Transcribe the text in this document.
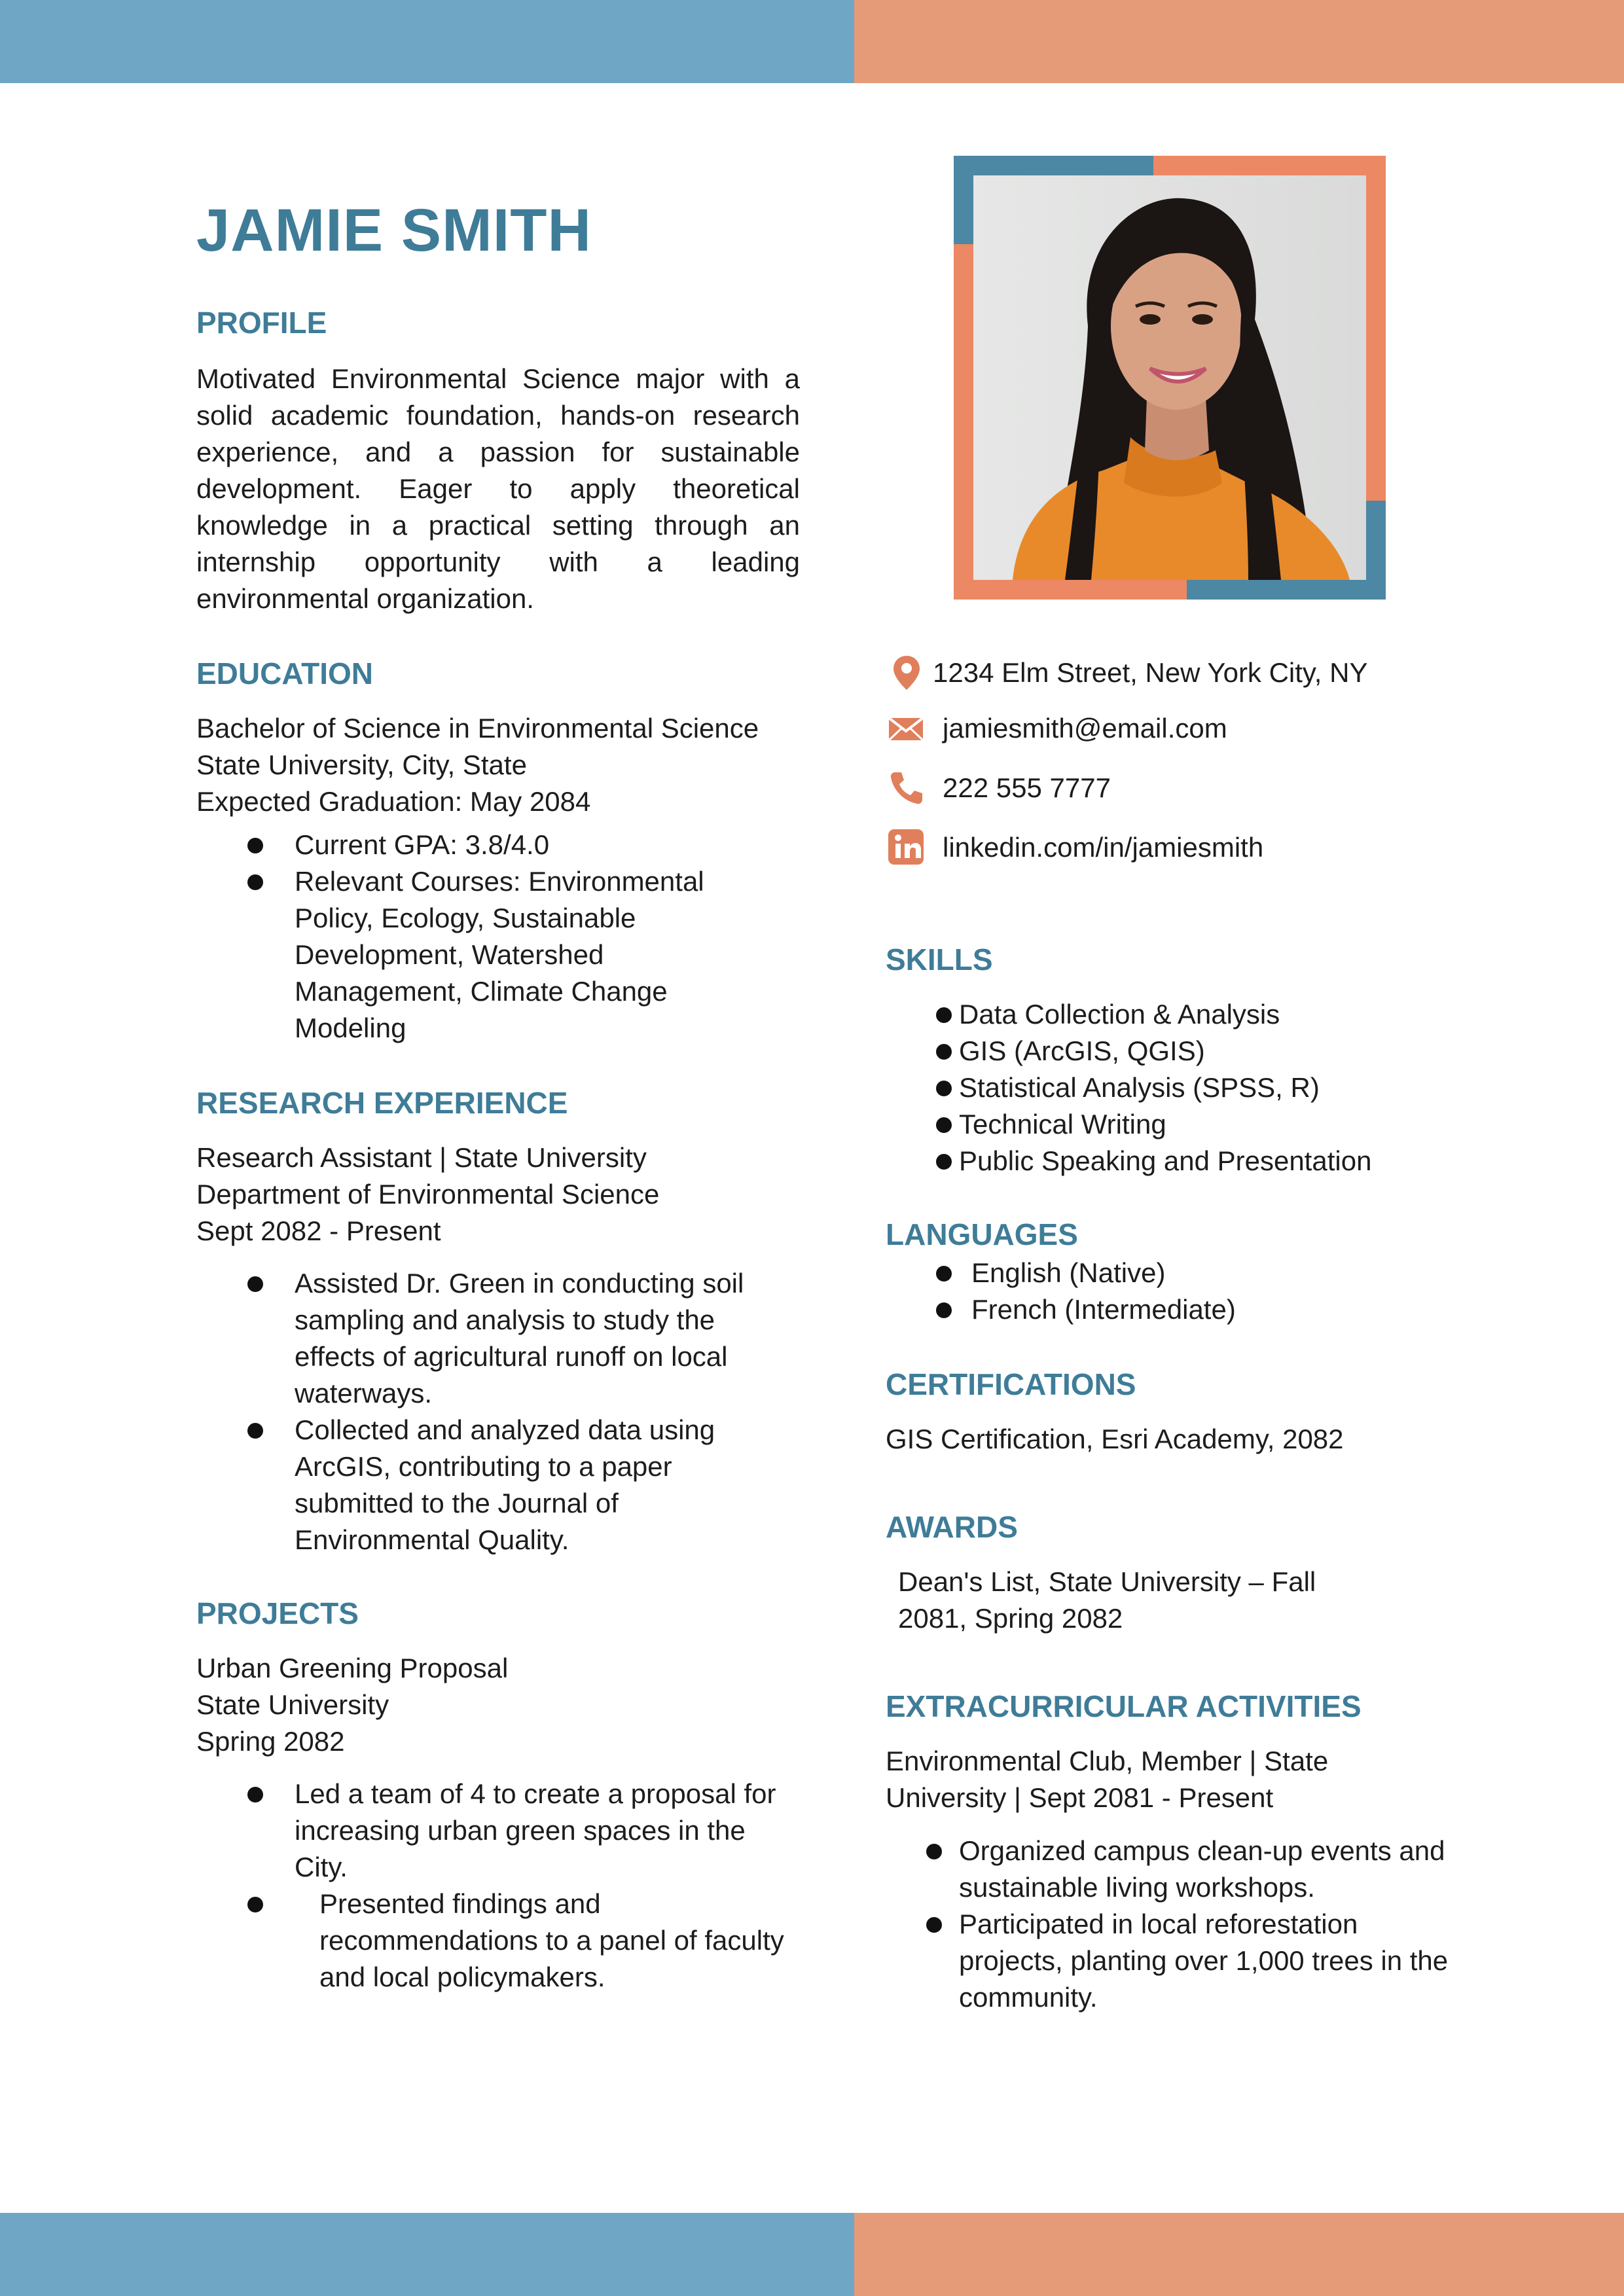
JAMIE SMITH
PROFILE
Motivated Environmental Science major with a solid academic foundation, hands-on research experience, and a passion for sustainable development. Eager to apply theoretical knowledge in a practical setting through an internship opportunity with a leading environmental organization.
EDUCATION
Bachelor of Science in Environmental Science
State University, City, State
Expected Graduation: May 2084
Current GPA: 3.8/4.0
Relevant Courses: Environmental Policy, Ecology, Sustainable Development, Watershed Management, Climate Change Modeling
RESEARCH EXPERIENCE
Research Assistant | State University
Department of Environmental Science
Sept 2082 - Present
Assisted Dr. Green in conducting soil sampling and analysis to study the effects of agricultural runoff on local waterways.
Collected and analyzed data using ArcGIS, contributing to a paper submitted to the Journal of Environmental Quality.
PROJECTS
Urban Greening Proposal
State University
Spring 2082
Led a team of 4 to create a proposal for increasing urban green spaces in the City.
Presented findings and recommendations to a panel of faculty and local policymakers.
1234 Elm Street, New York City, NY
jamiesmith@email.com
222 555 7777
linkedin.com/in/jamiesmith
SKILLS
Data Collection & Analysis
GIS (ArcGIS, QGIS)
Statistical Analysis (SPSS, R)
Technical Writing
Public Speaking and Presentation
LANGUAGES
English (Native)
French (Intermediate)
CERTIFICATIONS
GIS Certification, Esri Academy, 2082
AWARDS
Dean's List, State University – Fall 2081, Spring 2082
EXTRACURRICULAR ACTIVITIES
Environmental Club, Member | State University | Sept 2081 - Present
Organized campus clean-up events and sustainable living workshops.
Participated in local reforestation projects, planting over 1,000 trees in the community.
